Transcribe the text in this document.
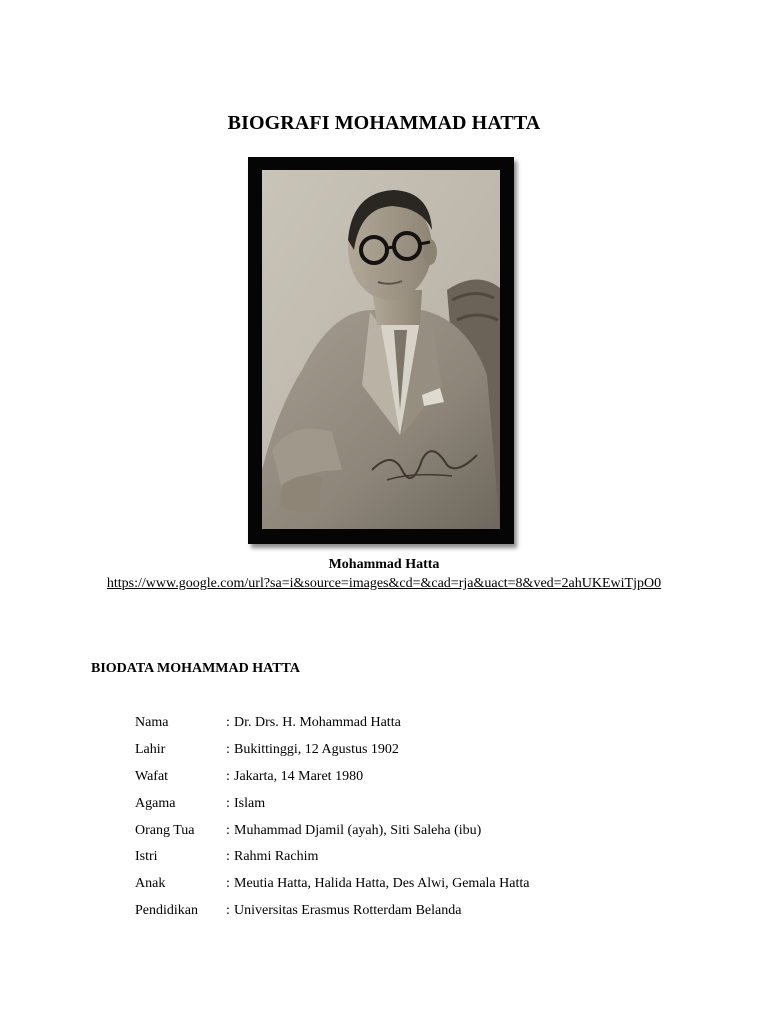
BIOGRAFI MOHAMMAD HATTA
Mohammad Hatta
https://www.google.com/url?sa=i&source=images&cd=&cad=rja&uact=8&ved=2ahUKEwiTjpO0
BIODATA MOHAMMAD HATTA
Nama	: Dr. Drs. H. Mohammad Hatta
Lahir	: Bukittinggi, 12 Agustus 1902
Wafat	: Jakarta, 14 Maret 1980
Agama	: Islam
Orang Tua	: Muhammad Djamil (ayah), Siti Saleha (ibu)
Istri	: Rahmi Rachim
Anak	: Meutia Hatta, Halida Hatta, Des Alwi, Gemala Hatta
Pendidikan	: Universitas Erasmus Rotterdam Belanda
